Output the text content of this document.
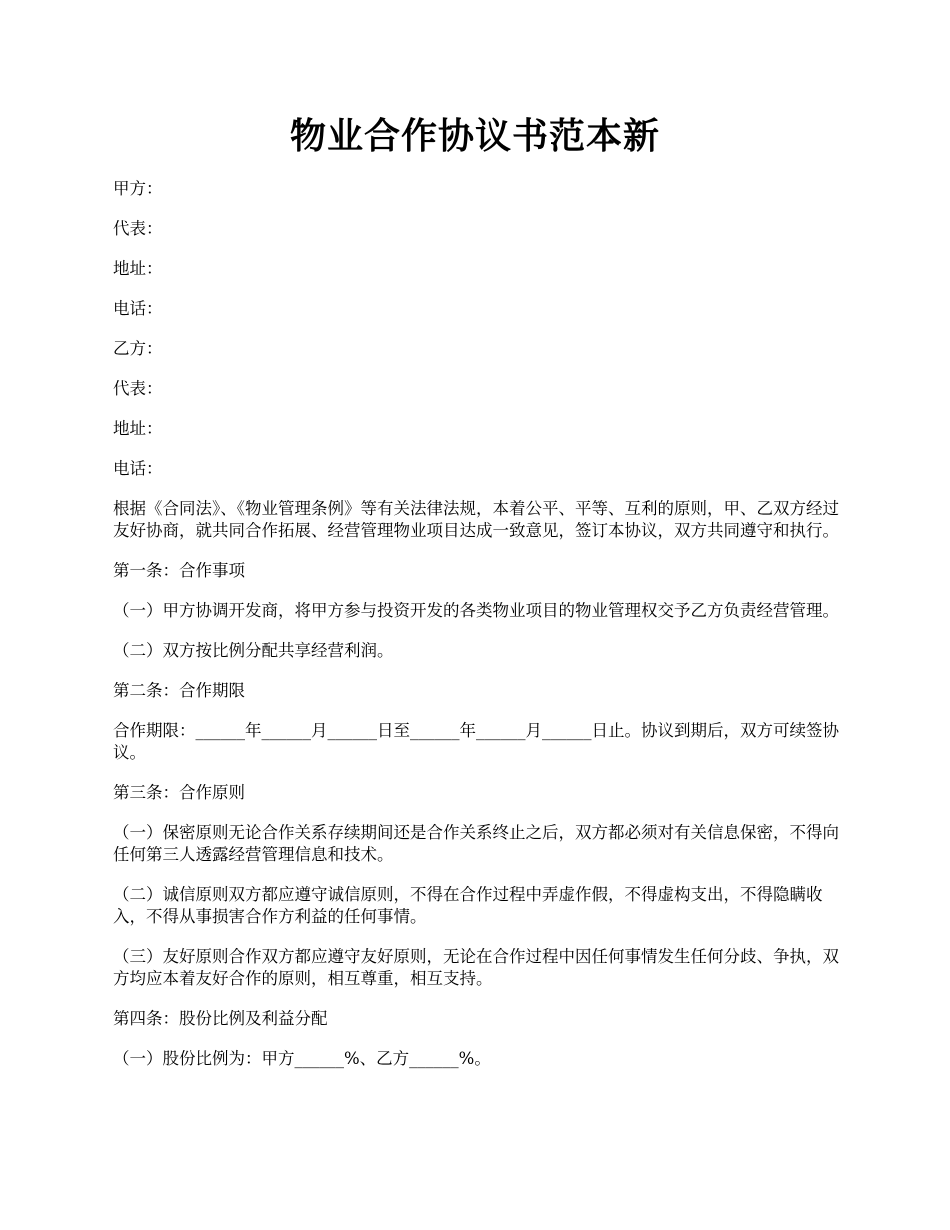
物业合作协议书范本新

甲方：

代表：

地址：

电话：

乙方：

代表：

地址：

电话：

根据《合同法》、《物业管理条例》等有关法律法规，本着公平、平等、互利的原则，甲、乙双方经过友好协商，就共同合作拓展、经营管理物业项目达成一致意见，签订本协议，双方共同遵守和执行。

第一条：合作事项

（一）甲方协调开发商，将甲方参与投资开发的各类物业项目的物业管理权交予乙方负责经营管理。

（二）双方按比例分配共享经营利润。

第二条：合作期限

合作期限：______年______月______日至______年______月______日止。协议到期后，双方可续签协议。

第三条：合作原则

（一）保密原则无论合作关系存续期间还是合作关系终止之后，双方都必须对有关信息保密，不得向任何第三人透露经营管理信息和技术。

（二）诚信原则双方都应遵守诚信原则，不得在合作过程中弄虚作假，不得虚构支出，不得隐瞒收入，不得从事损害合作方利益的任何事情。

（三）友好原则合作双方都应遵守友好原则，无论在合作过程中因任何事情发生任何分歧、争执，双方均应本着友好合作的原则，相互尊重，相互支持。

第四条：股份比例及利益分配

（一）股份比例为：甲方______%、乙方______%。
